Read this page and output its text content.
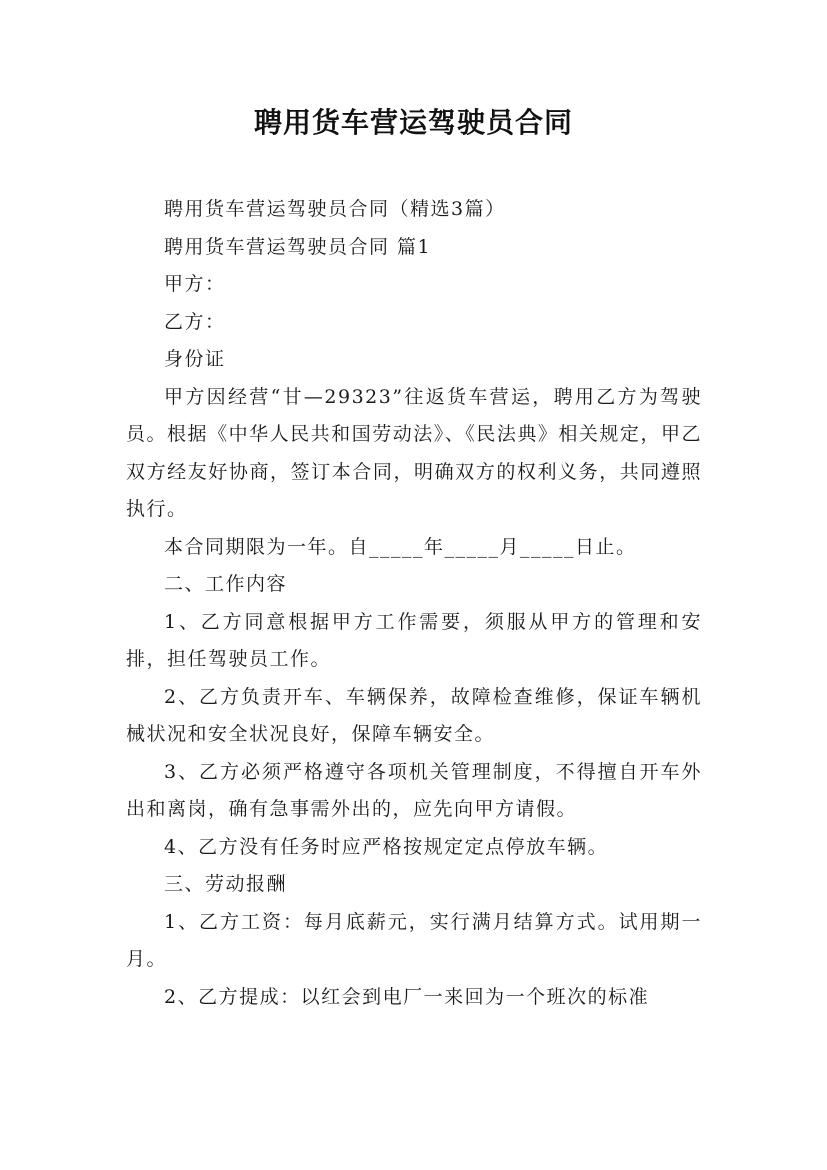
聘用货车营运驾驶员合同

聘用货车营运驾驶员合同（精选3篇）

聘用货车营运驾驶员合同 篇1

甲方：

乙方：

身份证

甲方因经营“甘—29323”往返货车营运，聘用乙方为驾驶员。根据《中华人民共和国劳动法》、《民法典》相关规定，甲乙双方经友好协商，签订本合同，明确双方的权利义务，共同遵照执行。

本合同期限为一年。自_____年_____月_____日止。

二、工作内容

1、乙方同意根据甲方工作需要，须服从甲方的管理和安排，担任驾驶员工作。

2、乙方负责开车、车辆保养，故障检查维修，保证车辆机械状况和安全状况良好，保障车辆安全。

3、乙方必须严格遵守各项机关管理制度，不得擅自开车外出和离岗，确有急事需外出的，应先向甲方请假。

4、乙方没有任务时应严格按规定定点停放车辆。

三、劳动报酬

1、乙方工资：每月底薪元，实行满月结算方式。试用期一月。

2、乙方提成：以红会到电厂一来回为一个班次的标准
